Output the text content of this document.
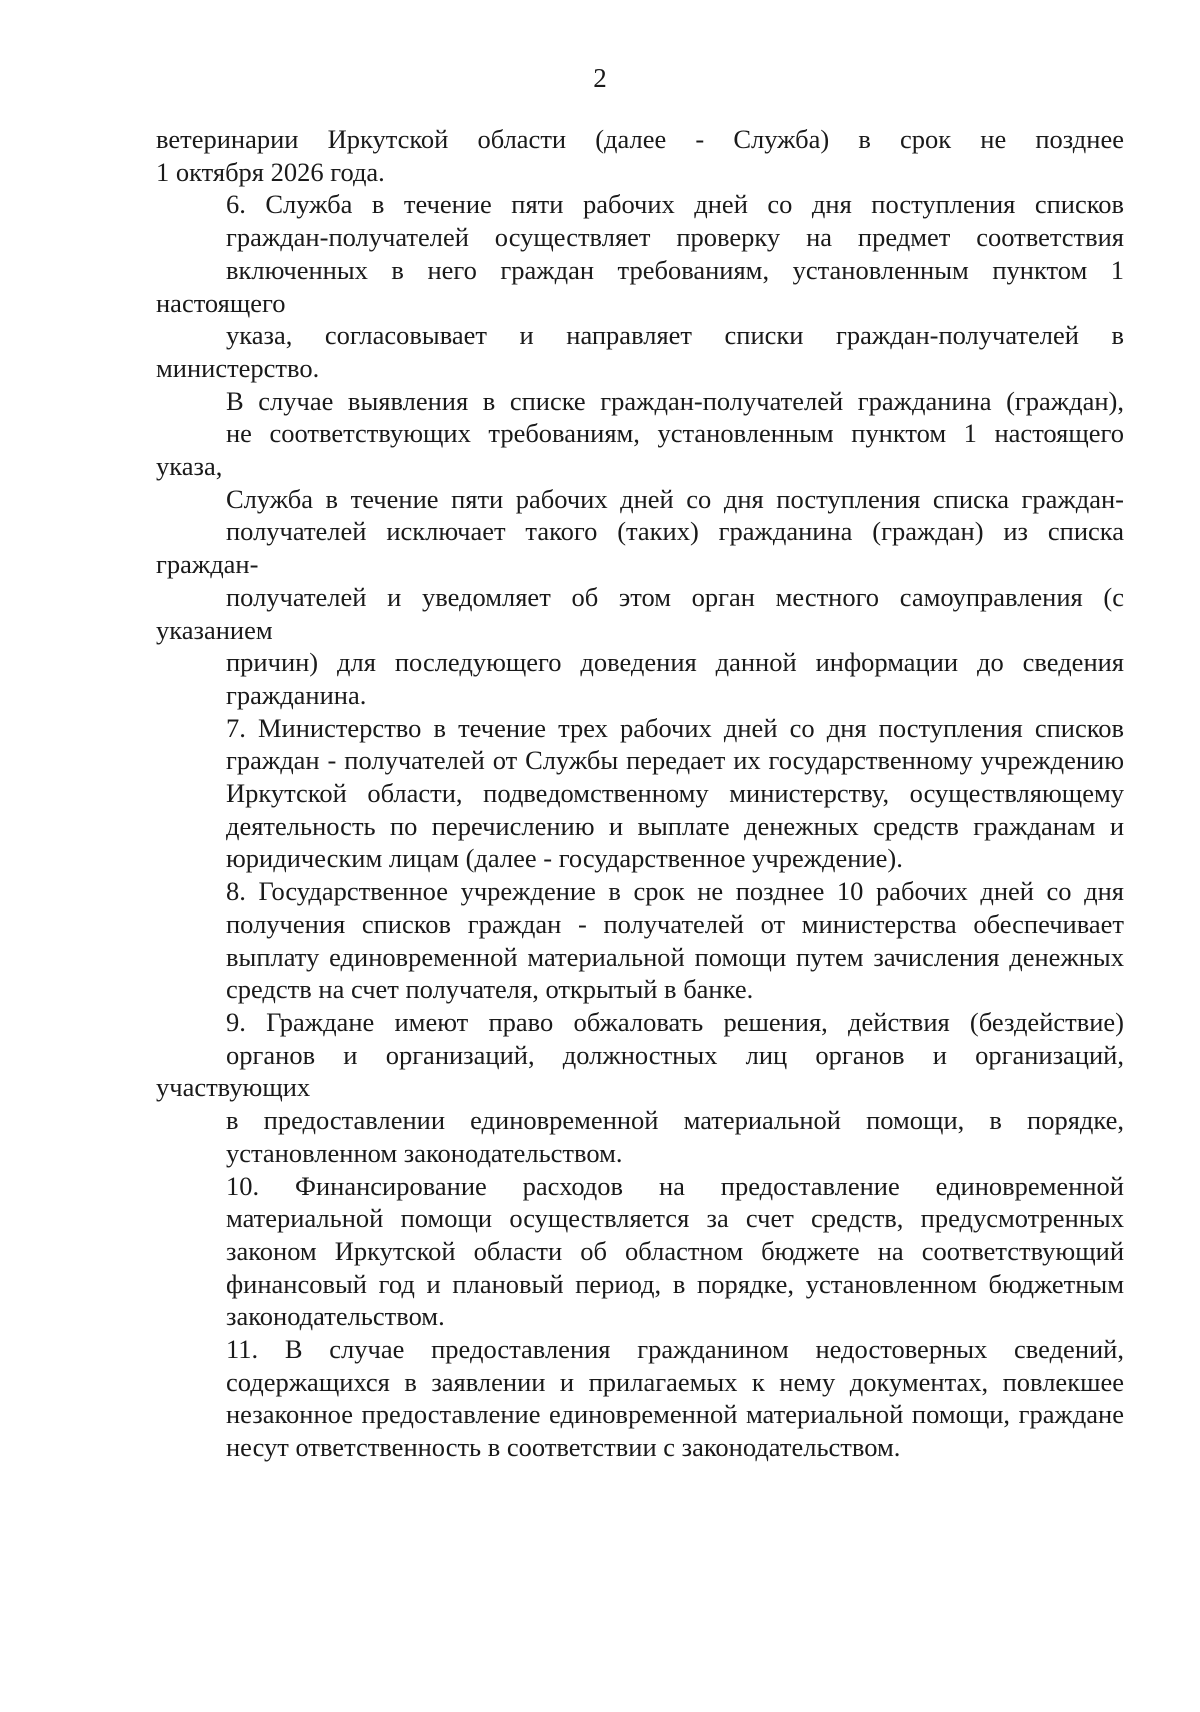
2

ветеринарии Иркутской области (далее - Служба) в срок не позднее
1 октября 2026 года.

6. Служба в течение пяти рабочих дней со дня поступления списков
граждан-получателей осуществляет проверку на предмет соответствия
включенных в него граждан требованиям, установленным пунктом 1 настоящего
указа, согласовывает и направляет списки граждан-получателей в министерство.

В случае выявления в списке граждан-получателей гражданина (граждан),
не соответствующих требованиям, установленным пунктом 1 настоящего указа,
Служба в течение пяти рабочих дней со дня поступления списка граждан-
получателей исключает такого (таких) гражданина (граждан) из списка граждан-
получателей и уведомляет об этом орган местного самоуправления (с указанием
причин) для последующего доведения данной информации до сведения
гражданина.

7. Министерство в течение трех рабочих дней со дня поступления списков
граждан - получателей от Службы передает их государственному учреждению
Иркутской области, подведомственному министерству, осуществляющему
деятельность по перечислению и выплате денежных средств гражданам и
юридическим лицам (далее - государственное учреждение).

8. Государственное учреждение в срок не позднее 10 рабочих дней со дня
получения списков граждан - получателей от министерства обеспечивает
выплату единовременной материальной помощи путем зачисления денежных
средств на счет получателя, открытый в банке.

9. Граждане имеют право обжаловать решения, действия (бездействие)
органов и организаций, должностных лиц органов и организаций, участвующих
в предоставлении единовременной материальной помощи, в порядке,
установленном законодательством.

10. Финансирование расходов на предоставление единовременной
материальной помощи осуществляется за счет средств, предусмотренных
законом Иркутской области об областном бюджете на соответствующий
финансовый год и плановый период, в порядке, установленном бюджетным
законодательством.

11. В случае предоставления гражданином недостоверных сведений,
содержащихся в заявлении и прилагаемых к нему документах, повлекшее
незаконное предоставление единовременной материальной помощи, граждане
несут ответственность в соответствии с законодательством.
